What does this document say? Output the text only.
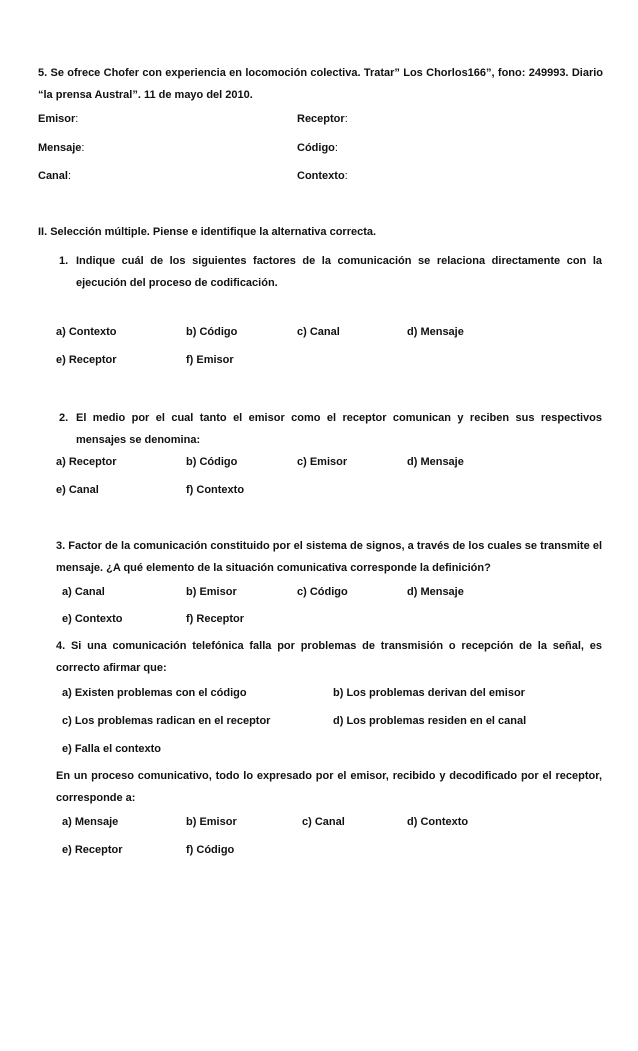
5. Se ofrece Chofer con experiencia en locomoción colectiva. Tratar” Los Chorlos166”, fono: 249993. Diario “la prensa Austral”. 11 de mayo del 2010.
Emisor:	Receptor:
Mensaje:	Código:
Canal:	Contexto:
II. Selección múltiple. Piense e identifique la alternativa correcta.
1. Indique cuál de los siguientes factores de la comunicación se relaciona directamente con la ejecución del proceso de codificación.
a) Contexto	b) Código	c) Canal	d) Mensaje
e) Receptor	f) Emisor
2. El medio por el cual tanto el emisor como el receptor comunican y reciben sus respectivos mensajes se denomina:
a) Receptor	b) Código	c) Emisor	d) Mensaje
e) Canal	f) Contexto
3. Factor de la comunicación constituido por el sistema de signos, a través de los cuales se transmite el mensaje. ¿A qué elemento de la situación comunicativa corresponde la definición?
a) Canal	b) Emisor	c) Código	d) Mensaje
e) Contexto	f) Receptor
4. Si una comunicación telefónica falla por problemas de transmisión o recepción de la señal, es correcto afirmar que:
a) Existen problemas con el código	b) Los problemas derivan del emisor
c) Los problemas radican en el receptor	d) Los problemas residen en el canal
e) Falla el contexto
En un proceso comunicativo, todo lo expresado por el emisor, recibido y decodificado por el receptor, corresponde a:
a) Mensaje	b) Emisor	c) Canal	d) Contexto
e) Receptor	f) Código
